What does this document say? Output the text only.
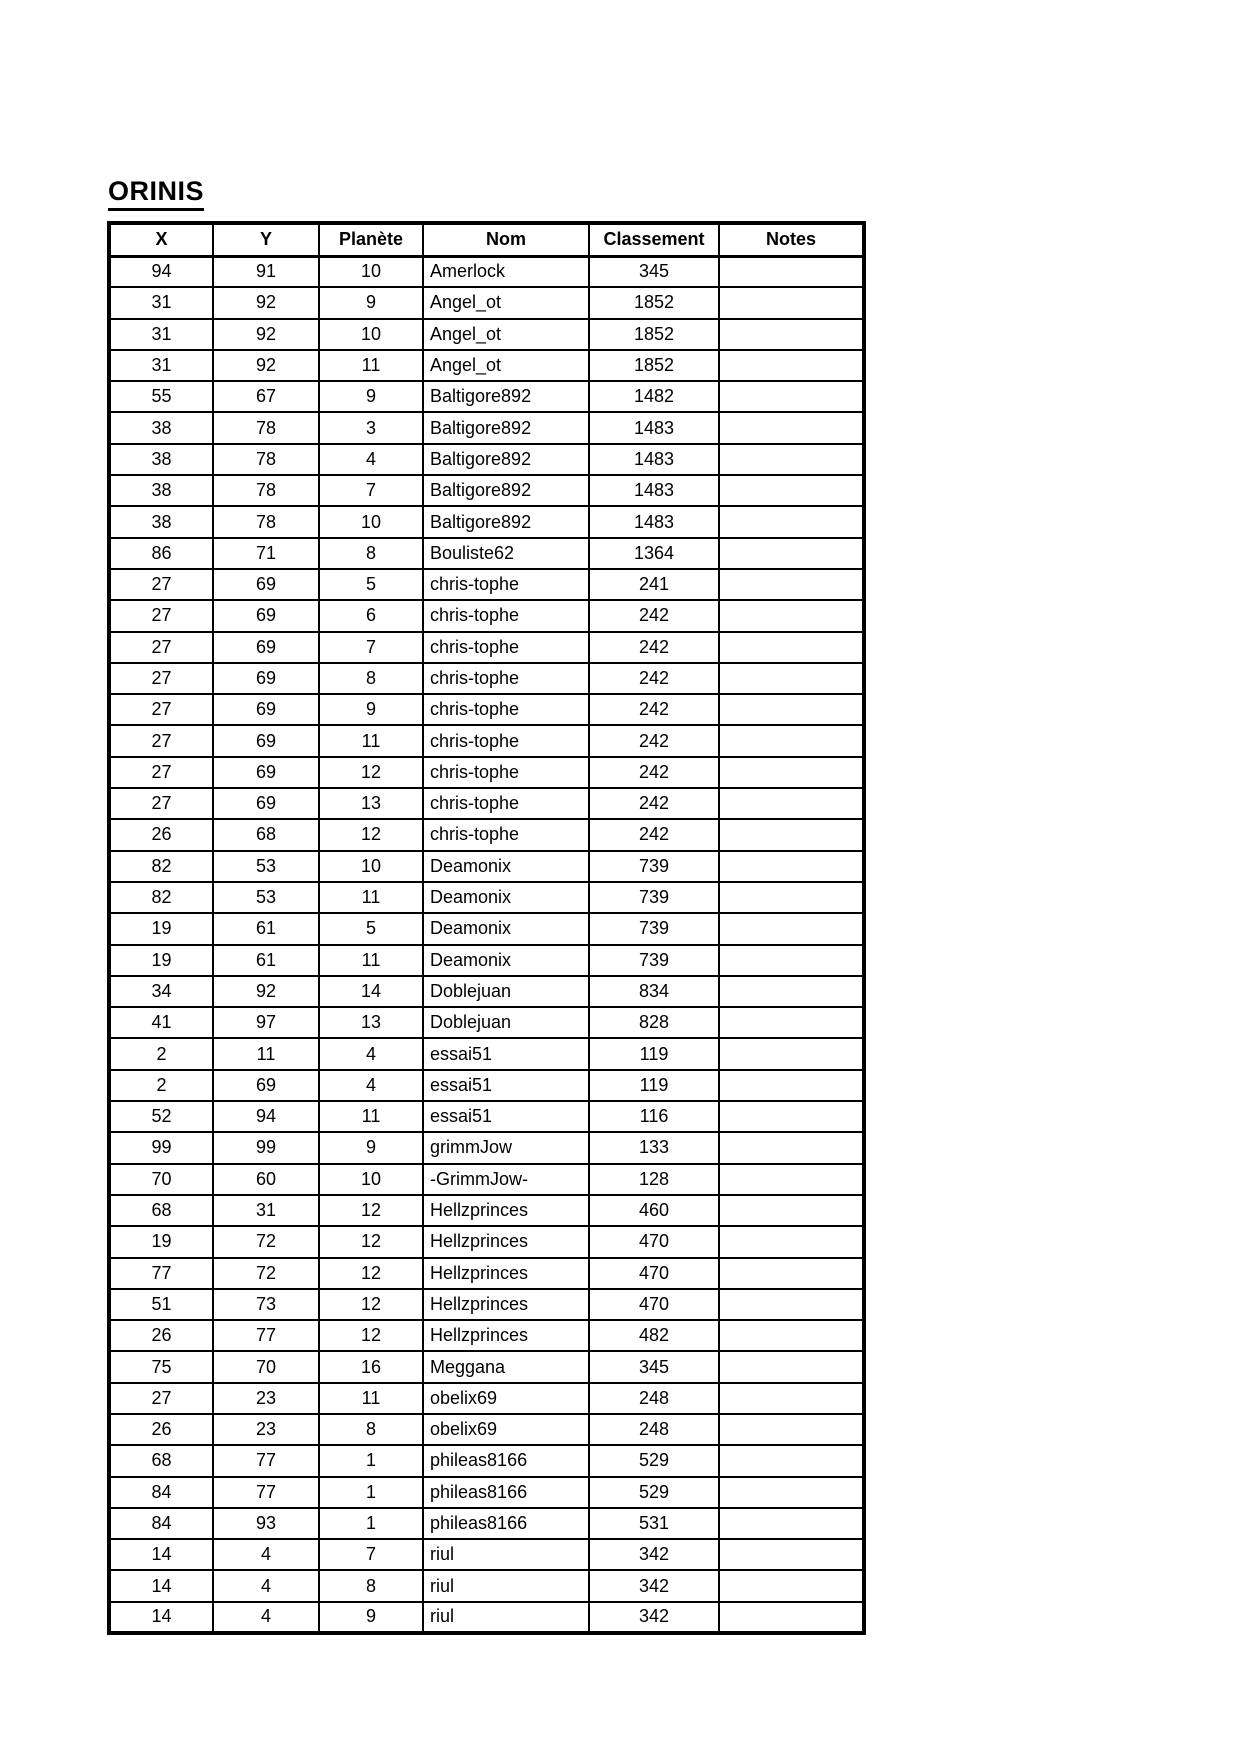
ORINIS
X	Y	Planète	Nom	Classement	Notes
94	91	10	Amerlock	345	
31	92	9	Angel_ot	1852	
31	92	10	Angel_ot	1852	
31	92	11	Angel_ot	1852	
55	67	9	Baltigore892	1482	
38	78	3	Baltigore892	1483	
38	78	4	Baltigore892	1483	
38	78	7	Baltigore892	1483	
38	78	10	Baltigore892	1483	
86	71	8	Bouliste62	1364	
27	69	5	chris-tophe	241	
27	69	6	chris-tophe	242	
27	69	7	chris-tophe	242	
27	69	8	chris-tophe	242	
27	69	9	chris-tophe	242	
27	69	11	chris-tophe	242	
27	69	12	chris-tophe	242	
27	69	13	chris-tophe	242	
26	68	12	chris-tophe	242	
82	53	10	Deamonix	739	
82	53	11	Deamonix	739	
19	61	5	Deamonix	739	
19	61	11	Deamonix	739	
34	92	14	Doblejuan	834	
41	97	13	Doblejuan	828	
2	11	4	essai51	119	
2	69	4	essai51	119	
52	94	11	essai51	116	
99	99	9	grimmJow	133	
70	60	10	-GrimmJow-	128	
68	31	12	Hellzprinces	460	
19	72	12	Hellzprinces	470	
77	72	12	Hellzprinces	470	
51	73	12	Hellzprinces	470	
26	77	12	Hellzprinces	482	
75	70	16	Meggana	345	
27	23	11	obelix69	248	
26	23	8	obelix69	248	
68	77	1	phileas8166	529	
84	77	1	phileas8166	529	
84	93	1	phileas8166	531	
14	4	7	riul	342	
14	4	8	riul	342	
14	4	9	riul	342	
